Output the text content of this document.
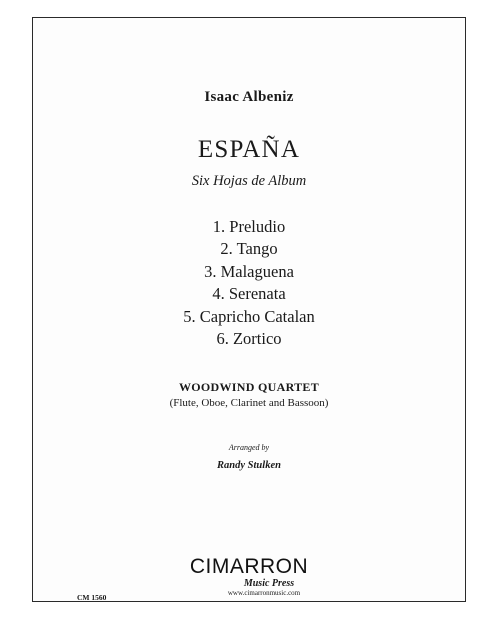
Isaac Albeniz
ESPAÑA
Six Hojas de Album
1. Preludio
2. Tango
3. Malaguena
4. Serenata
5. Capricho Catalan
6. Zortico
WOODWIND QUARTET
(Flute, Oboe, Clarinet and Bassoon)
Arranged by
Randy Stulken
CIMARRON
Music Press
www.cimarronmusic.com
CM 1560
